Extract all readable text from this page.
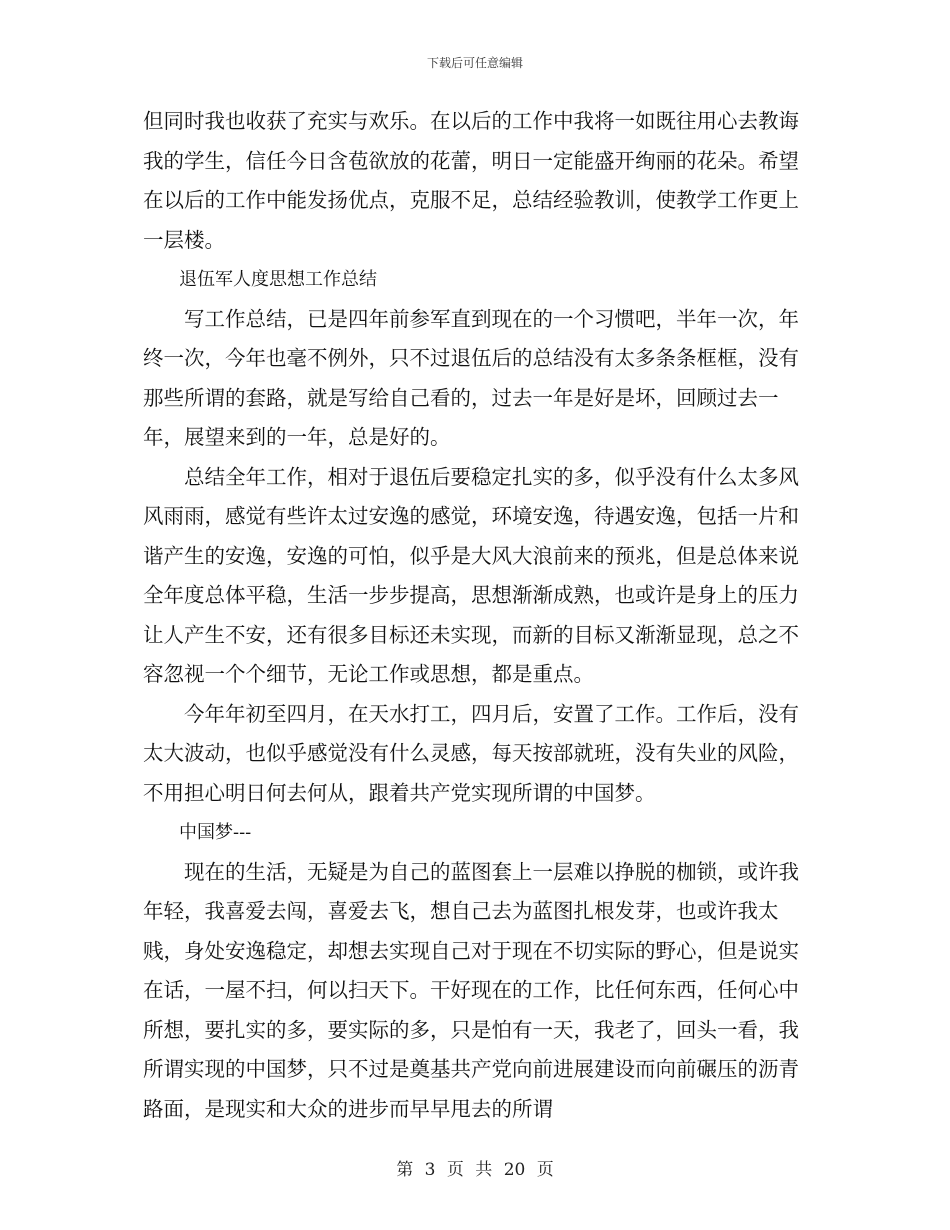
下载后可任意编辑

但同时我也收获了充实与欢乐。在以后的工作中我将一如既往用心去教诲我的学生，信任今日含苞欲放的花蕾，明日一定能盛开绚丽的花朵。希望在以后的工作中能发扬优点，克服不足，总结经验教训，使教学工作更上一层楼。

退伍军人度思想工作总结

写工作总结，已是四年前参军直到现在的一个习惯吧，半年一次，年终一次，今年也毫不例外，只不过退伍后的总结没有太多条条框框，没有那些所谓的套路，就是写给自己看的，过去一年是好是坏，回顾过去一年，展望来到的一年，总是好的。

总结全年工作，相对于退伍后要稳定扎实的多，似乎没有什么太多风风雨雨，感觉有些许太过安逸的感觉，环境安逸，待遇安逸，包括一片和谐产生的安逸，安逸的可怕，似乎是大风大浪前来的预兆，但是总体来说全年度总体平稳，生活一步步提高，思想渐渐成熟，也或许是身上的压力让人产生不安，还有很多目标还未实现，而新的目标又渐渐显现，总之不容忽视一个个细节，无论工作或思想，都是重点。

今年年初至四月，在天水打工，四月后，安置了工作。工作后，没有太大波动，也似乎感觉没有什么灵感，每天按部就班，没有失业的风险，不用担心明日何去何从，跟着共产党实现所谓的中国梦。

中国梦---

现在的生活，无疑是为自己的蓝图套上一层难以挣脱的枷锁，或许我年轻，我喜爱去闯，喜爱去飞，想自己去为蓝图扎根发芽，也或许我太贱，身处安逸稳定，却想去实现自己对于现在不切实际的野心，但是说实在话，一屋不扫，何以扫天下。干好现在的工作，比任何东西，任何心中所想，要扎实的多，要实际的多，只是怕有一天，我老了，回头一看，我所谓实现的中国梦，只不过是奠基共产党向前进展建设而向前碾压的沥青路面，是现实和大众的进步而早早甩去的所谓

第 3 页 共 20 页
